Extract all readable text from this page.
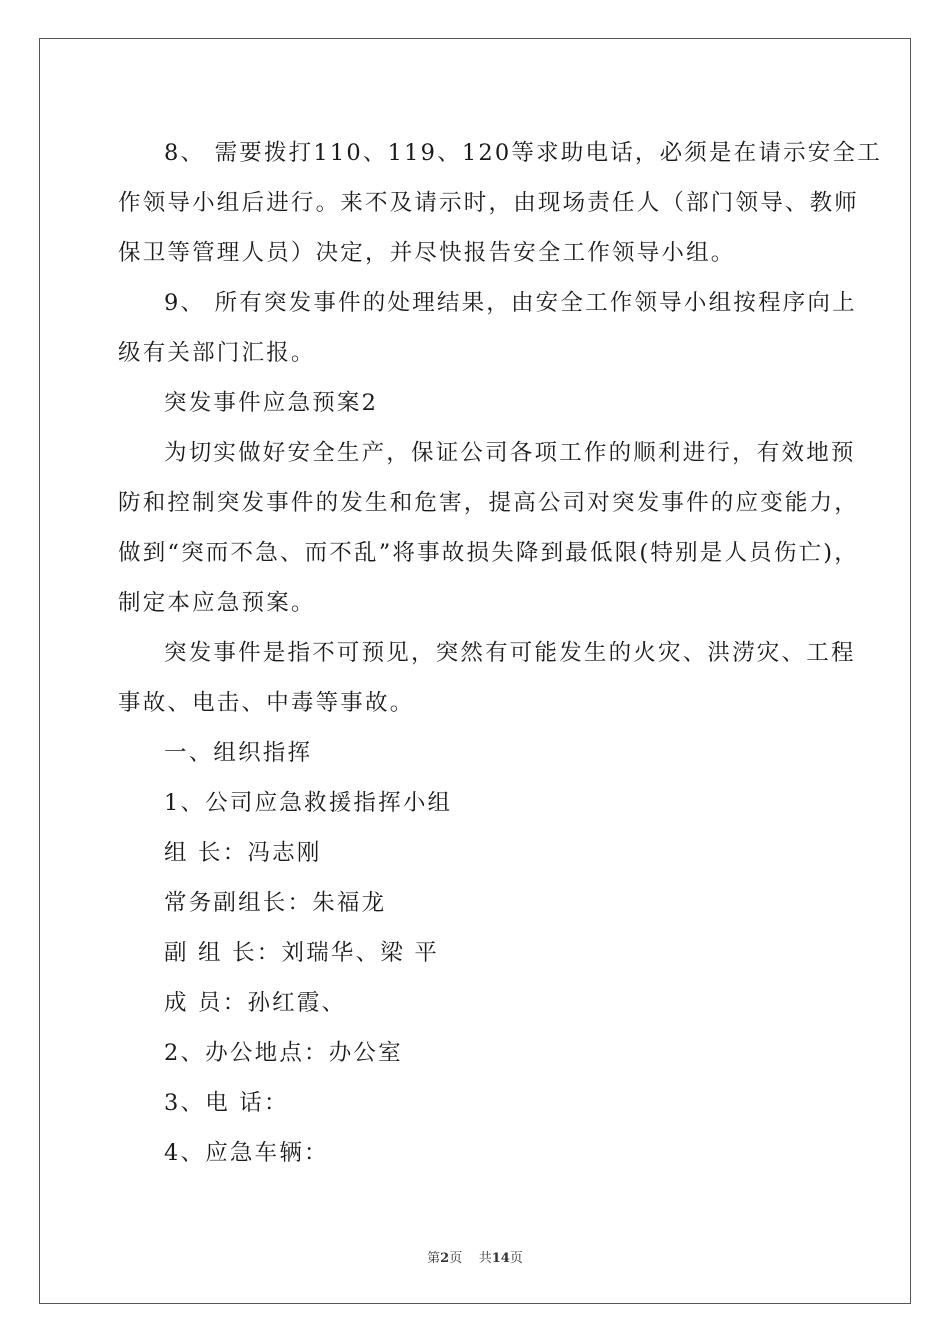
8、 需要拨打110、119、120等求助电话，必须是在请示安全工
作领导小组后进行。来不及请示时，由现场责任人（部门领导、教师
保卫等管理人员）决定，并尽快报告安全工作领导小组。
9、 所有突发事件的处理结果，由安全工作领导小组按程序向上
级有关部门汇报。
突发事件应急预案2
为切实做好安全生产，保证公司各项工作的顺利进行，有效地预
防和控制突发事件的发生和危害，提高公司对突发事件的应变能力，
做到“突而不急、而不乱”将事故损失降到最低限(特别是人员伤亡)，
制定本应急预案。
突发事件是指不可预见，突然有可能发生的火灾、洪涝灾、工程
事故、电击、中毒等事故。
一、组织指挥
1、公司应急救援指挥小组
组 长：冯志刚
常务副组长：朱福龙
副 组 长：刘瑞华、梁 平
成 员：孙红霞、
2、办公地点：办公室
3、电 话：
4、应急车辆：
第2页 共14页
